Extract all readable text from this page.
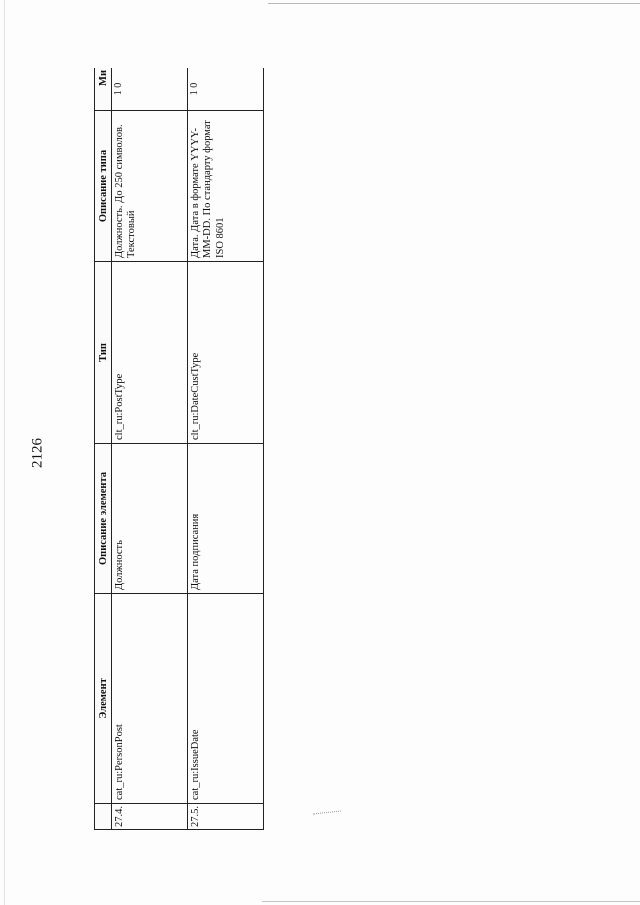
2126
	Элемент	Описание элемента	Тип	Описание типа	Ми
27.4.	cat_ru:PersonPost	Должность	clt_ru:PostType	Должность. До 250 символов. Текстовый	1 0
27.5.	cat_ru:IssueDate	Дата подписания	clt_ru:DateCustType	Дата. Дата в формате YYYY-MM-DD. По стандарту формат ISO 8601	1 0
